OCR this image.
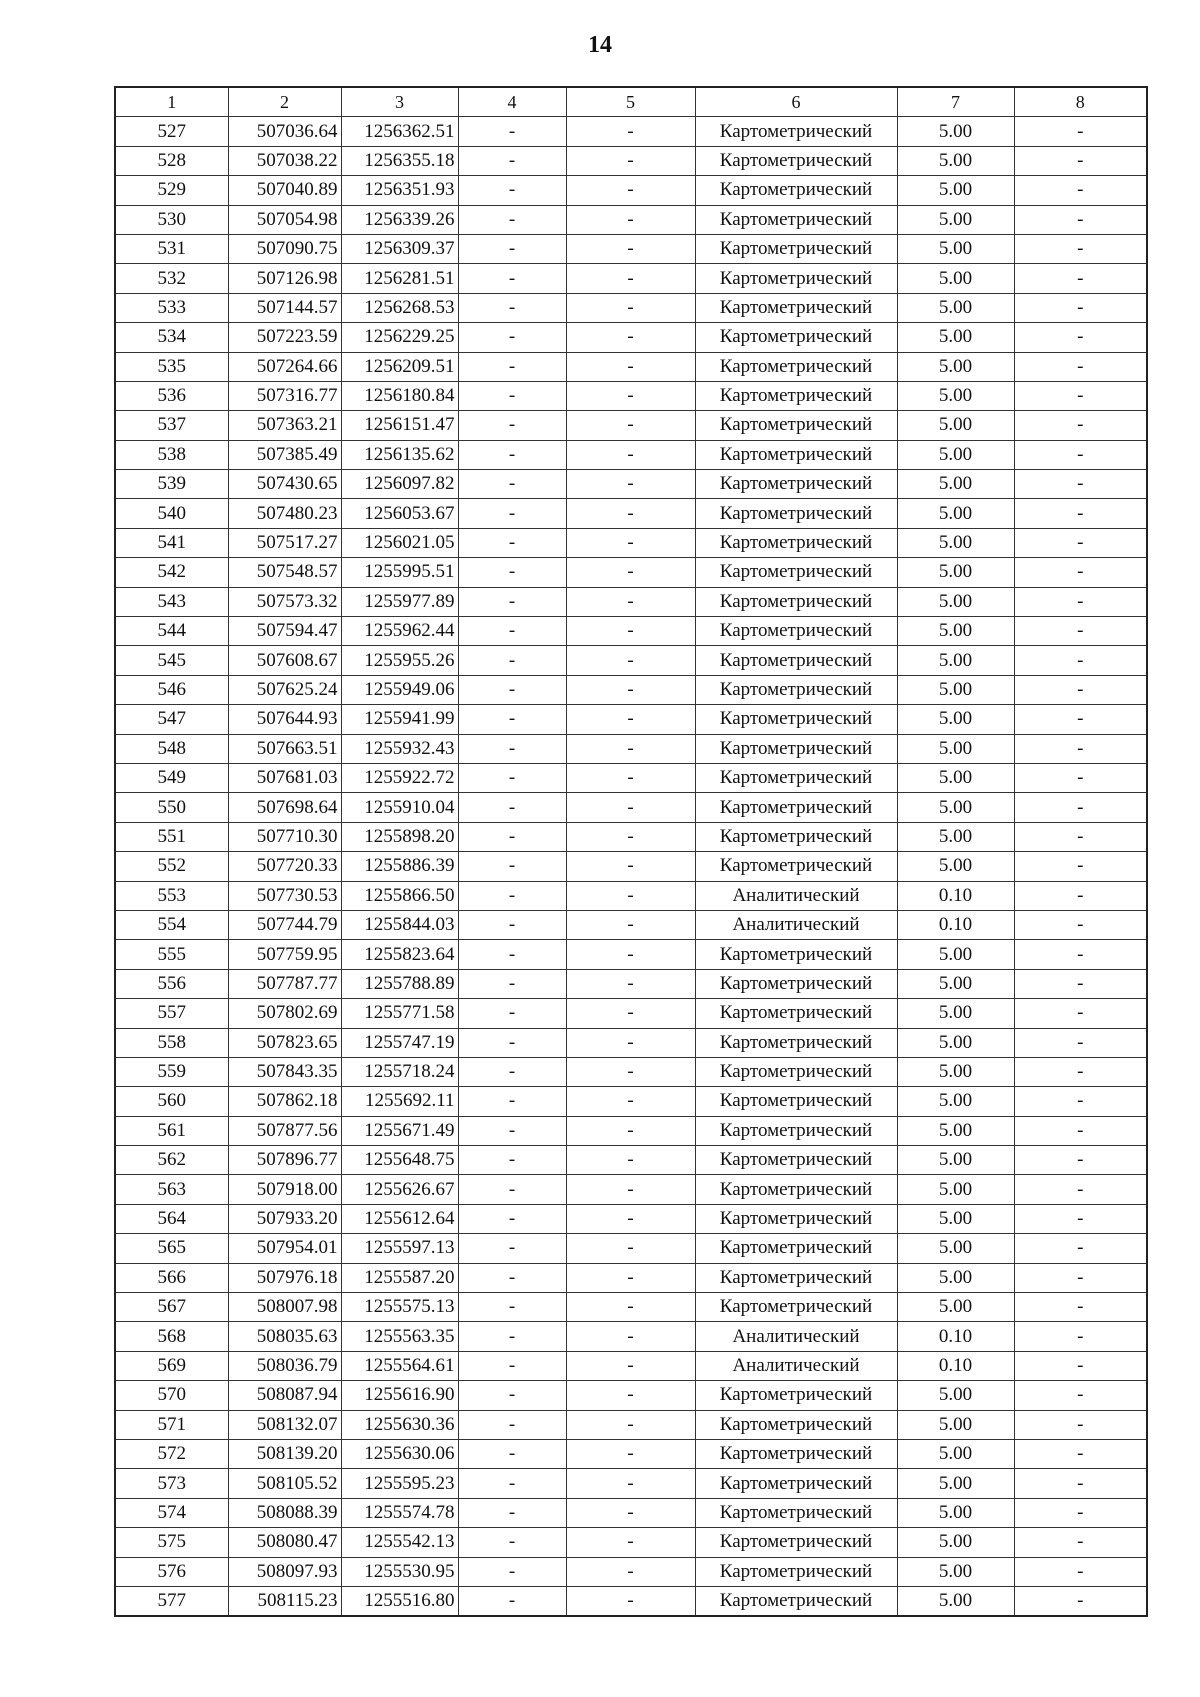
14
1	2	3	4	5	6	7	8
527	507036.64	1256362.51	-	-	Картометрический	5.00	-
528	507038.22	1256355.18	-	-	Картометрический	5.00	-
529	507040.89	1256351.93	-	-	Картометрический	5.00	-
530	507054.98	1256339.26	-	-	Картометрический	5.00	-
531	507090.75	1256309.37	-	-	Картометрический	5.00	-
532	507126.98	1256281.51	-	-	Картометрический	5.00	-
533	507144.57	1256268.53	-	-	Картометрический	5.00	-
534	507223.59	1256229.25	-	-	Картометрический	5.00	-
535	507264.66	1256209.51	-	-	Картометрический	5.00	-
536	507316.77	1256180.84	-	-	Картометрический	5.00	-
537	507363.21	1256151.47	-	-	Картометрический	5.00	-
538	507385.49	1256135.62	-	-	Картометрический	5.00	-
539	507430.65	1256097.82	-	-	Картометрический	5.00	-
540	507480.23	1256053.67	-	-	Картометрический	5.00	-
541	507517.27	1256021.05	-	-	Картометрический	5.00	-
542	507548.57	1255995.51	-	-	Картометрический	5.00	-
543	507573.32	1255977.89	-	-	Картометрический	5.00	-
544	507594.47	1255962.44	-	-	Картометрический	5.00	-
545	507608.67	1255955.26	-	-	Картометрический	5.00	-
546	507625.24	1255949.06	-	-	Картометрический	5.00	-
547	507644.93	1255941.99	-	-	Картометрический	5.00	-
548	507663.51	1255932.43	-	-	Картометрический	5.00	-
549	507681.03	1255922.72	-	-	Картометрический	5.00	-
550	507698.64	1255910.04	-	-	Картометрический	5.00	-
551	507710.30	1255898.20	-	-	Картометрический	5.00	-
552	507720.33	1255886.39	-	-	Картометрический	5.00	-
553	507730.53	1255866.50	-	-	Аналитический	0.10	-
554	507744.79	1255844.03	-	-	Аналитический	0.10	-
555	507759.95	1255823.64	-	-	Картометрический	5.00	-
556	507787.77	1255788.89	-	-	Картометрический	5.00	-
557	507802.69	1255771.58	-	-	Картометрический	5.00	-
558	507823.65	1255747.19	-	-	Картометрический	5.00	-
559	507843.35	1255718.24	-	-	Картометрический	5.00	-
560	507862.18	1255692.11	-	-	Картометрический	5.00	-
561	507877.56	1255671.49	-	-	Картометрический	5.00	-
562	507896.77	1255648.75	-	-	Картометрический	5.00	-
563	507918.00	1255626.67	-	-	Картометрический	5.00	-
564	507933.20	1255612.64	-	-	Картометрический	5.00	-
565	507954.01	1255597.13	-	-	Картометрический	5.00	-
566	507976.18	1255587.20	-	-	Картометрический	5.00	-
567	508007.98	1255575.13	-	-	Картометрический	5.00	-
568	508035.63	1255563.35	-	-	Аналитический	0.10	-
569	508036.79	1255564.61	-	-	Аналитический	0.10	-
570	508087.94	1255616.90	-	-	Картометрический	5.00	-
571	508132.07	1255630.36	-	-	Картометрический	5.00	-
572	508139.20	1255630.06	-	-	Картометрический	5.00	-
573	508105.52	1255595.23	-	-	Картометрический	5.00	-
574	508088.39	1255574.78	-	-	Картометрический	5.00	-
575	508080.47	1255542.13	-	-	Картометрический	5.00	-
576	508097.93	1255530.95	-	-	Картометрический	5.00	-
577	508115.23	1255516.80	-	-	Картометрический	5.00	-
